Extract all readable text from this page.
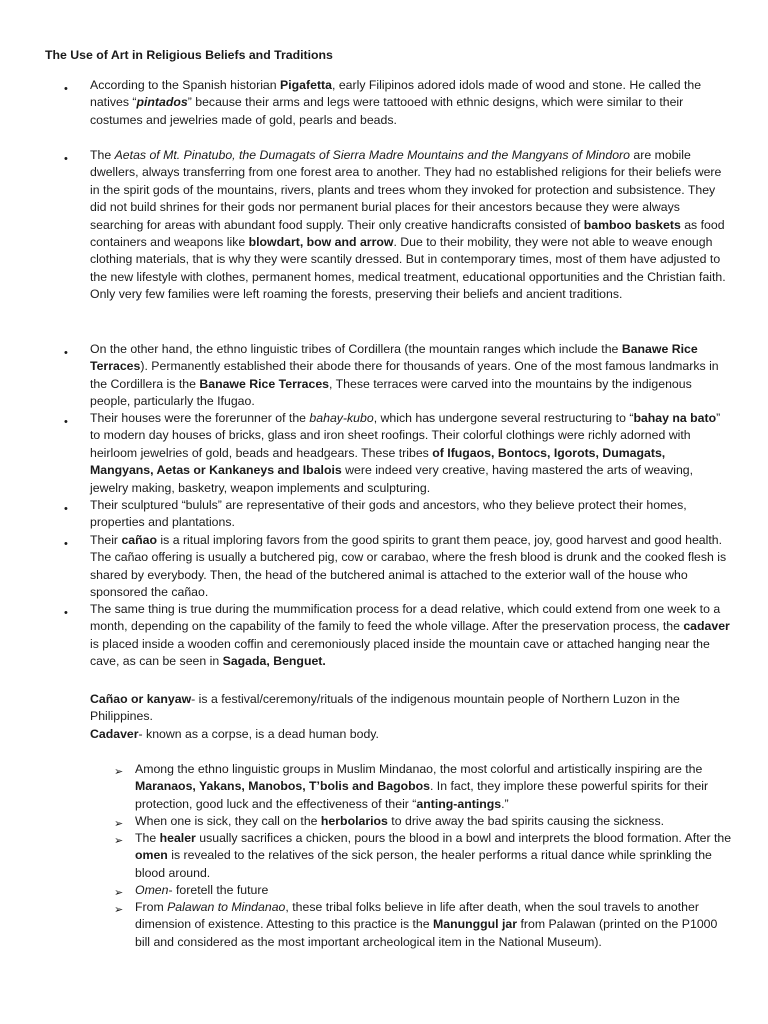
The Use of Art in Religious Beliefs and Traditions
• According to the Spanish historian Pigafetta, early Filipinos adored idols made of wood and stone. He called the natives “pintados” because their arms and legs were tattooed with ethnic designs, which were similar to their costumes and jewelries made of gold, pearls and beads.

• The Aetas of Mt. Pinatubo, the Dumagats of Sierra Madre Mountains and the Mangyans of Mindoro are mobile dwellers, always transferring from one forest area to another. They had no established religions for their beliefs were in the spirit gods of the mountains, rivers, plants and trees whom they invoked for protection and subsistence. They did not build shrines for their gods nor permanent burial places for their ancestors because they were always searching for areas with abundant food supply. Their only creative handicrafts consisted of bamboo baskets as food containers and weapons like blowdart, bow and arrow. Due to their mobility, they were not able to weave enough clothing materials, that is why they were scantily dressed. But in contemporary times, most of them have adjusted to the new lifestyle with clothes, permanent homes, medical treatment, educational opportunities and the Christian faith. Only very few families were left roaming the forests, preserving their beliefs and ancient traditions.

• On the other hand, the ethno linguistic tribes of Cordillera (the mountain ranges which include the Banawe Rice Terraces). Permanently established their abode there for thousands of years. One of the most famous landmarks in the Cordillera is the Banawe Rice Terraces, These terraces were carved into the mountains by the indigenous people, particularly the Ifugao.

• Their houses were the forerunner of the bahay-kubo, which has undergone several restructuring to “bahay na bato” to modern day houses of bricks, glass and iron sheet roofings. Their colorful clothings were richly adorned with heirloom jewelries of gold, beads and headgears. These tribes of Ifugaos, Bontocs, Igorots, Dumagats, Mangyans, Aetas or Kankaneys and Ibalois were indeed very creative, having mastered the arts of weaving, jewelry making, basketry, weapon implements and sculpturing.

• Their sculptured “bululs” are representative of their gods and ancestors, who they believe protect their homes, properties and plantations.

• Their cañao is a ritual imploring favors from the good spirits to grant them peace, joy, good harvest and good health. The cañao offering is usually a butchered pig, cow or carabao, where the fresh blood is drunk and the cooked flesh is shared by everybody. Then, the head of the butchered animal is attached to the exterior wall of the house who sponsored the cañao.

• The same thing is true during the mummification process for a dead relative, which could extend from one week to a month, depending on the capability of the family to feed the whole village. After the preservation process, the cadaver is placed inside a wooden coffin and ceremoniously placed inside the mountain cave or attached hanging near the cave, as can be seen in Sagada, Benguet.

Cañao or kanyaw- is a festival/ceremony/rituals of the indigenous mountain people of Northern Luzon in the Philippines.

Cadaver- known as a corpse, is a dead human body.

➢ Among the ethno linguistic groups in Muslim Mindanao, the most colorful and artistically inspiring are the Maranaos, Yakans, Manobos, T’bolis and Bagobos. In fact, they implore these powerful spirits for their protection, good luck and the effectiveness of their “anting-antings.”

➢ When one is sick, they call on the herbolarios to drive away the bad spirits causing the sickness.

➢ The healer usually sacrifices a chicken, pours the blood in a bowl and interprets the blood formation. After the omen is revealed to the relatives of the sick person, the healer performs a ritual dance while sprinkling the blood around.

➢ Omen- foretell the future

➢ From Palawan to Mindanao, these tribal folks believe in life after death, when the soul travels to another dimension of existence. Attesting to this practice is the Manunggul jar from Palawan (printed on the P1000 bill and considered as the most important archeological item in the National Museum).
